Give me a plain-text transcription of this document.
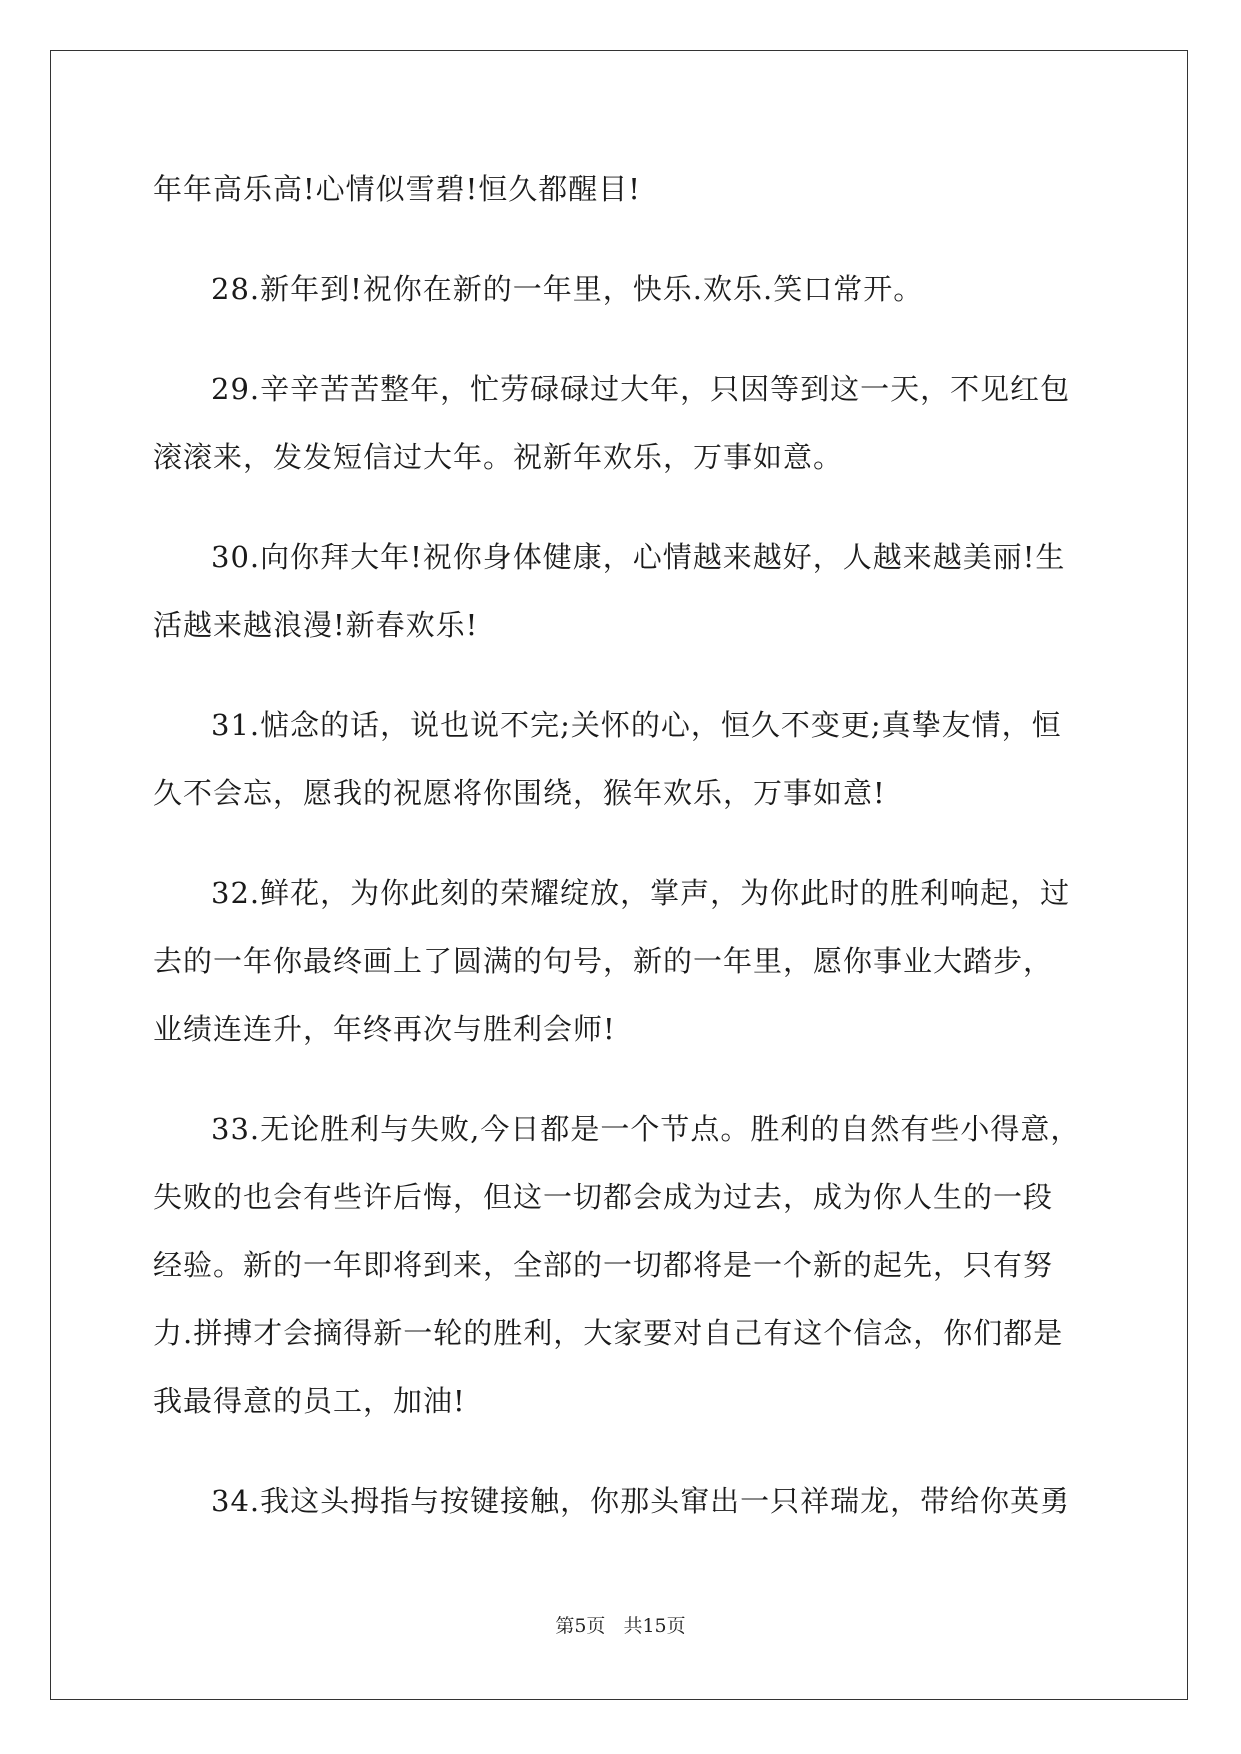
年年高乐高!心情似雪碧!恒久都醒目!
28.新年到!祝你在新的一年里，快乐.欢乐.笑口常开。
29.辛辛苦苦整年，忙劳碌碌过大年，只因等到这一天，不见红包
滚滚来，发发短信过大年。祝新年欢乐，万事如意。
30.向你拜大年!祝你身体健康，心情越来越好，人越来越美丽!生
活越来越浪漫!新春欢乐!
31.惦念的话，说也说不完;关怀的心，恒久不变更;真挚友情，恒
久不会忘，愿我的祝愿将你围绕，猴年欢乐，万事如意!
32.鲜花，为你此刻的荣耀绽放，掌声，为你此时的胜利响起，过
去的一年你最终画上了圆满的句号，新的一年里，愿你事业大踏步，
业绩连连升，年终再次与胜利会师!
33.无论胜利与失败,今日都是一个节点。胜利的自然有些小得意，
失败的也会有些许后悔，但这一切都会成为过去，成为你人生的一段
经验。新的一年即将到来，全部的一切都将是一个新的起先，只有努
力.拼搏才会摘得新一轮的胜利，大家要对自己有这个信念，你们都是
我最得意的员工，加油!
34.我这头拇指与按键接触，你那头窜出一只祥瑞龙，带给你英勇
第5页 共15页
